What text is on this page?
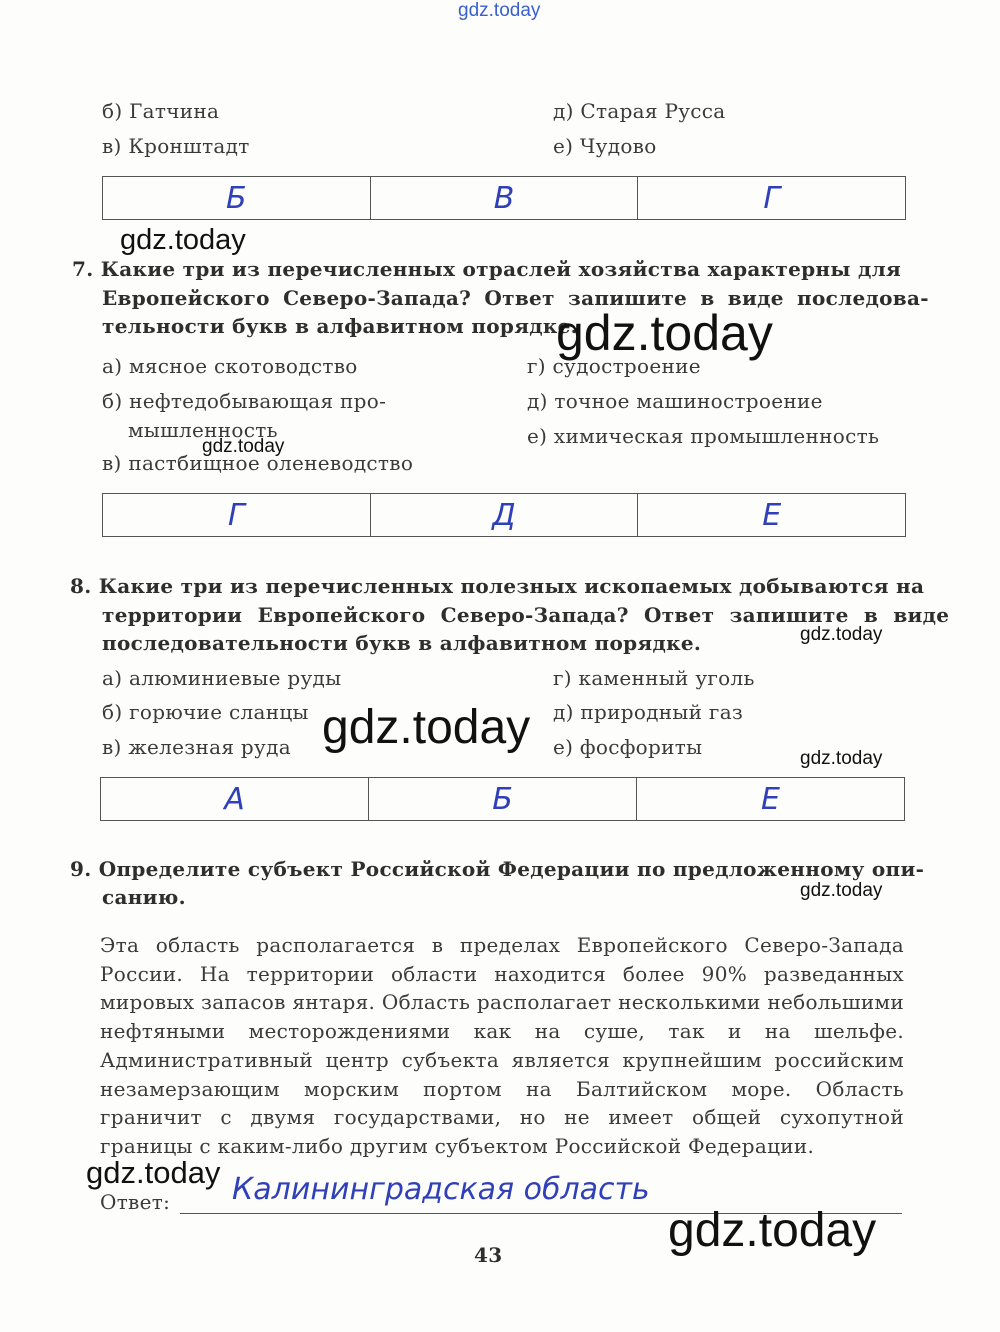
gdz.today
б) Гатчина
в) Кронштадт
д) Старая Русса
е) Чудово
Б	В	Г
gdz.today
7. Какие три из перечисленных отраслей хозяйства характерны для
Европейского Северо-Запада? Ответ запишите в виде последова-
тельности букв в алфавитном порядке.
gdz.today
а) мясное скотоводство
б) нефтедобывающая про-
мышленность
в) пастбищное оленеводство
г) судостроение
д) точное машиностроение
е) химическая промышленность
gdz.today
Г	Д	Е
8. Какие три из перечисленных полезных ископаемых добываются на
территории Европейского Северо-Запада? Ответ запишите в виде
последовательности букв в алфавитном порядке.	gdz.today
а) алюминиевые руды
б) горючие сланцы
в) железная руда
г) каменный уголь
д) природный газ
е) фосфориты
gdz.today
gdz.today
А	Б	Е
9. Определите субъект Российской Федерации по предложенному опи-
санию.	gdz.today
Эта область располагается в пределах Европейского Северо-Запада России. На территории области находится более 90% разведанных мировых запасов янтаря. Область располагает несколькими небольшими нефтяными месторождениями как на суше, так и на шельфе. Административный центр субъекта является крупнейшим российским незамерзающим морским портом на Балтийском море. Область граничит с двумя государствами, но не имеет общей сухопутной границы с каким-либо другим субъектом Российской Федерации.
gdz.today
Ответ: Калининградская область
gdz.today
43
